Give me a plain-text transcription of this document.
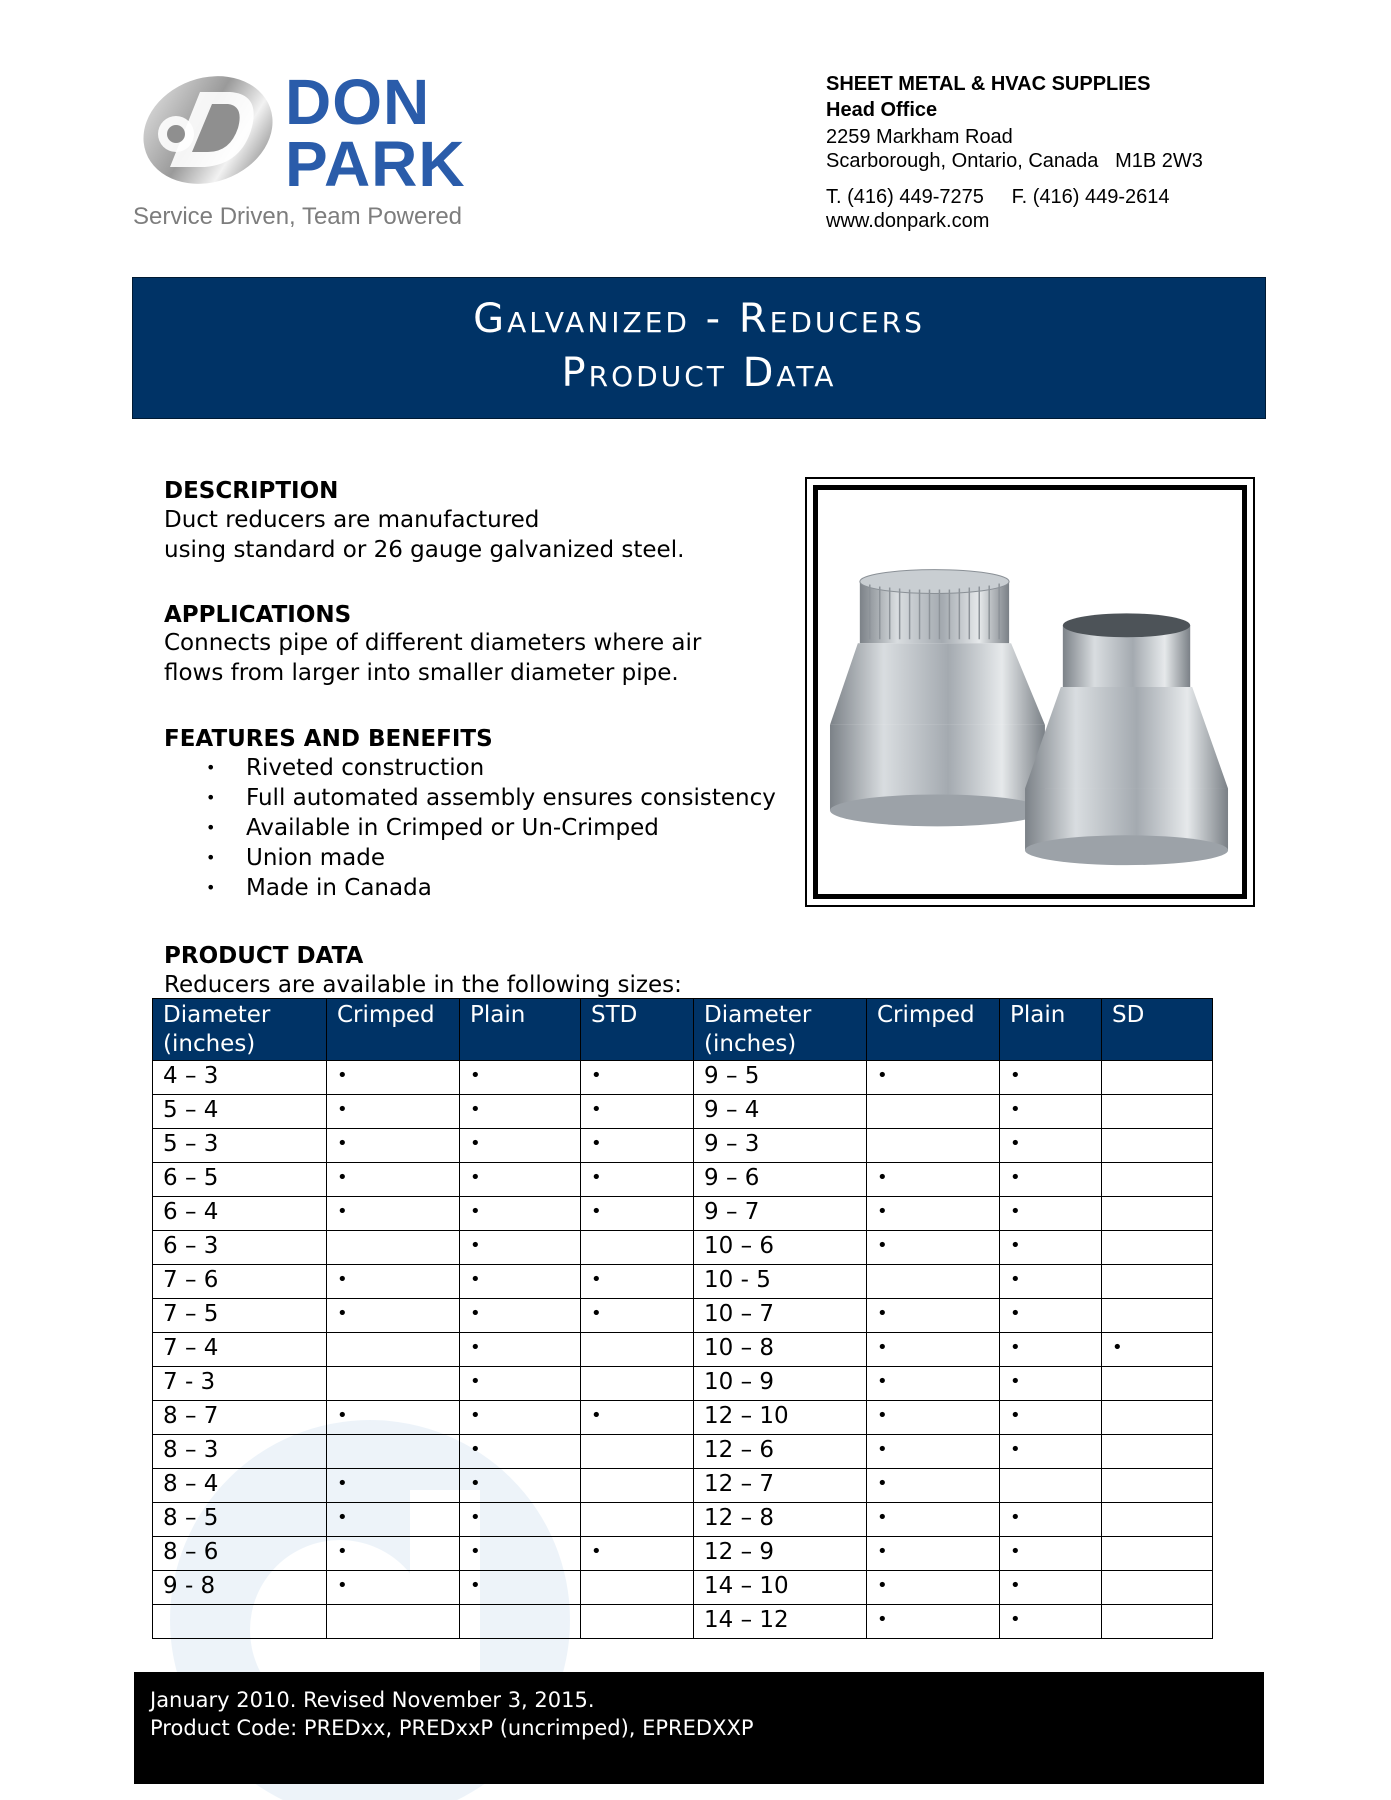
DON
PARK
Service Driven, Team Powered
SHEET METAL & HVAC SUPPLIES
Head Office
2259 Markham Road
Scarborough, Ontario, Canada   M1B 2W3
T. (416) 449-7275     F. (416) 449-2614
www.donpark.com
Galvanized - Reducers
Product Data
DESCRIPTION
Duct reducers are manufactured
using standard or 26 gauge galvanized steel.
APPLICATIONS
Connects pipe of different diameters where air
flows from larger into smaller diameter pipe.
FEATURES AND BENEFITS
• Riveted construction
• Full automated assembly ensures consistency
• Available in Crimped or Un-Crimped
• Union made
• Made in Canada
PRODUCT DATA
Reducers are available in the following sizes:
Diameter (inches)	Crimped	Plain	STD	Diameter (inches)	Crimped	Plain	SD
4 – 3	•	•	•	9 – 5	•	•	
5 – 4	•	•	•	9 – 4		•	
5 – 3	•	•	•	9 – 3		•	
6 – 5	•	•	•	9 – 6	•	•	
6 – 4	•	•	•	9 – 7	•	•	
6 – 3		•		10 – 6	•	•	
7 – 6	•	•	•	10 - 5		•	
7 – 5	•	•	•	10 – 7	•	•	
7 – 4		•		10 – 8	•	•	•
7 - 3		•		10 – 9	•	•	
8 – 7	•	•	•	12 – 10	•	•	
8 – 3		•		12 – 6	•	•	
8 – 4	•	•		12 – 7	•		
8 – 5	•	•		12 – 8	•	•	
8 – 6	•	•	•	12 – 9	•	•	
9 - 8	•	•		14 – 10	•	•	
				14 – 12	•	•	
January 2010. Revised November 3, 2015.
Product Code: PREDxx, PREDxxP (uncrimped), EPREDXXP
